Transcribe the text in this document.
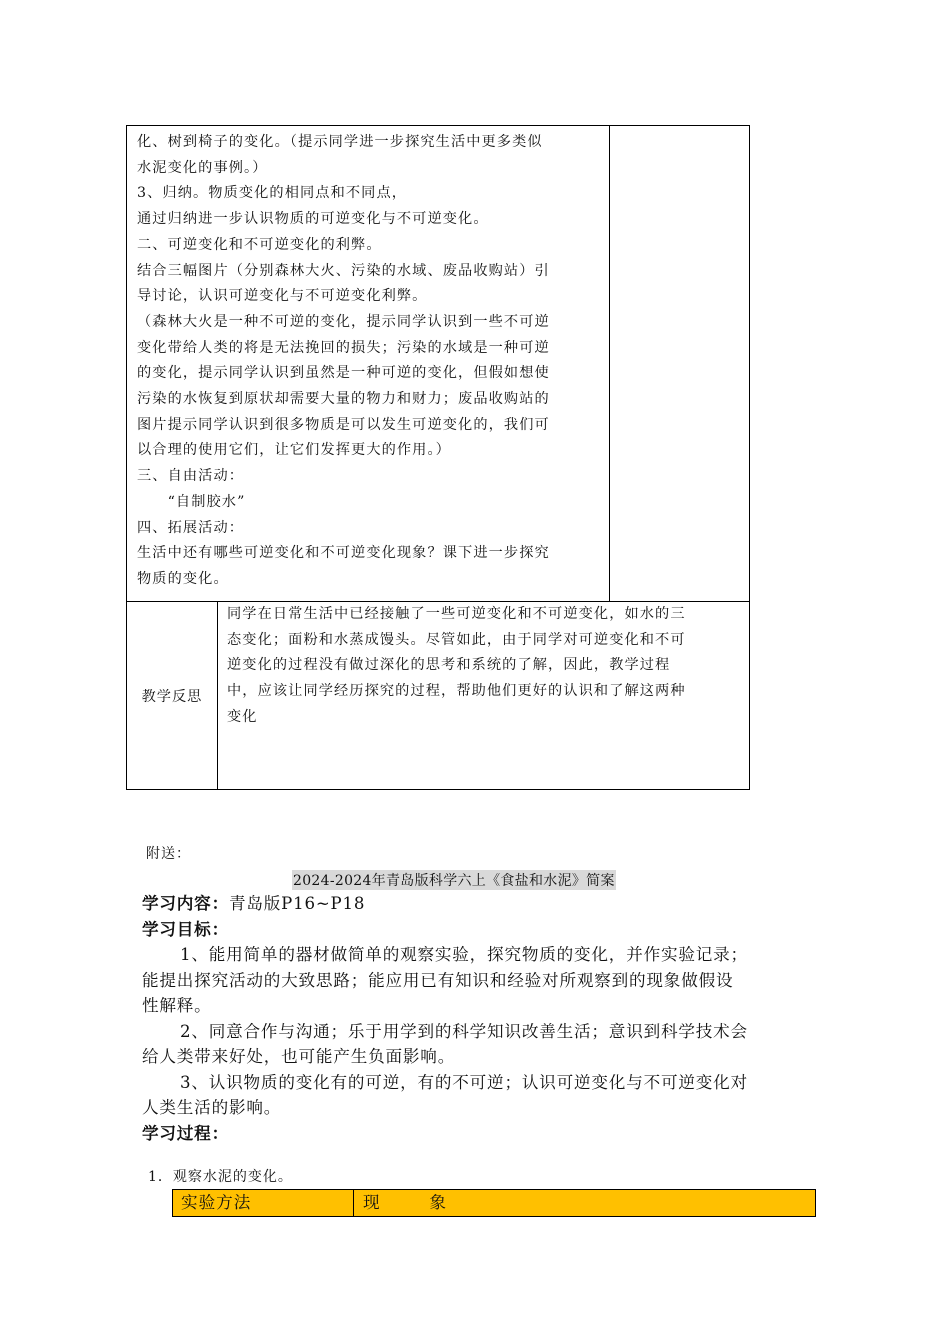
化、树到椅子的变化。（提示同学进一步探究生活中更多类似
水泥变化的事例。）
3、归纳。物质变化的相同点和不同点，
通过归纳进一步认识物质的可逆变化与不可逆变化。
二、可逆变化和不可逆变化的利弊。
结合三幅图片（分别森林大火、污染的水域、废品收购站）引
导讨论，认识可逆变化与不可逆变化利弊。
（森林大火是一种不可逆的变化，提示同学认识到一些不可逆
变化带给人类的将是无法挽回的损失；污染的水域是一种可逆
的变化，提示同学认识到虽然是一种可逆的变化，但假如想使
污染的水恢复到原状却需要大量的物力和财力；废品收购站的
图片提示同学认识到很多物质是可以发生可逆变化的，我们可
以合理的使用它们，让它们发挥更大的作用。）
三、自由活动：
　　“自制胶水”
四、拓展活动：
生活中还有哪些可逆变化和不可逆变化现象？课下进一步探究
物质的变化。
教学反思
同学在日常生活中已经接触了一些可逆变化和不可逆变化，如水的三
态变化；面粉和水蒸成馒头。尽管如此，由于同学对可逆变化和不可
逆变化的过程没有做过深化的思考和系统的了解，因此，教学过程
中，应该让同学经历探究的过程，帮助他们更好的认识和了解这两种
变化
附送：
2024-2024年青岛版科学六上《食盐和水泥》简案
学习内容：青岛版P16~P18
学习目标：
1、能用简单的器材做简单的观察实验，探究物质的变化，并作实验记录；
能提出探究活动的大致思路；能应用已有知识和经验对所观察到的现象做假设
性解释。
2、同意合作与沟通；乐于用学到的科学知识改善生活；意识到科学技术会
给人类带来好处，也可能产生负面影响。
3、认识物质的变化有的可逆，有的不可逆；认识可逆变化与不可逆变化对
人类生活的影响。
学习过程：
1．观察水泥的变化。
实验方法	现　　　象
